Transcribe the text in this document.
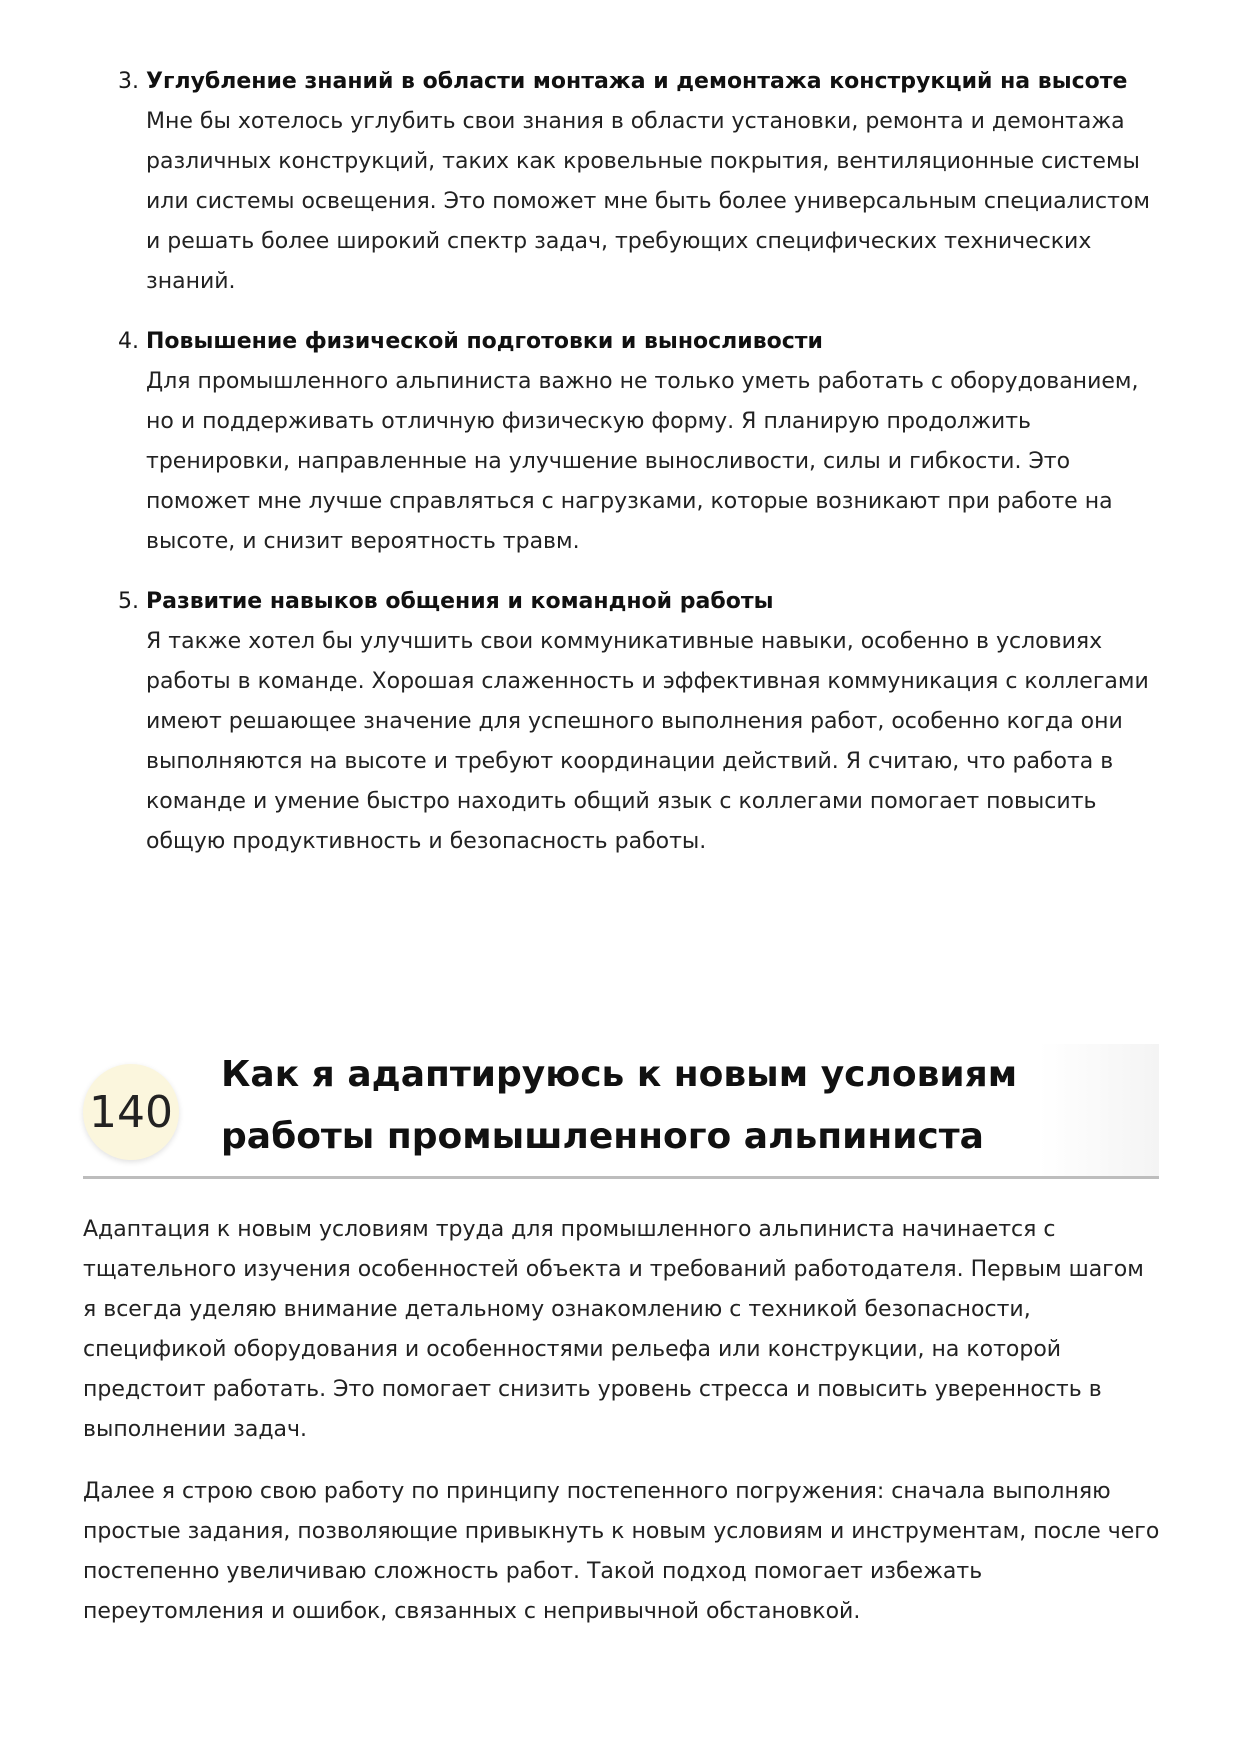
3. Углубление знаний в области монтажа и демонтажа конструкций на высоте
Мне бы хотелось углубить свои знания в области установки, ремонта и демонтажа различных конструкций, таких как кровельные покрытия, вентиляционные системы или системы освещения. Это поможет мне быть более универсальным специалистом и решать более широкий спектр задач, требующих специфических технических знаний.
4. Повышение физической подготовки и выносливости
Для промышленного альпиниста важно не только уметь работать с оборудованием, но и поддерживать отличную физическую форму. Я планирую продолжить тренировки, направленные на улучшение выносливости, силы и гибкости. Это поможет мне лучше справляться с нагрузками, которые возникают при работе на высоте, и снизит вероятность травм.
5. Развитие навыков общения и командной работы
Я также хотел бы улучшить свои коммуникативные навыки, особенно в условиях работы в команде. Хорошая слаженность и эффективная коммуникация с коллегами имеют решающее значение для успешного выполнения работ, особенно когда они выполняются на высоте и требуют координации действий. Я считаю, что работа в команде и умение быстро находить общий язык с коллегами помогает повысить общую продуктивность и безопасность работы.
140
Как я адаптируюсь к новым условиям работы промышленного альпиниста

Адаптация к новым условиям труда для промышленного альпиниста начинается с тщательного изучения особенностей объекта и требований работодателя. Первым шагом я всегда уделяю внимание детальному ознакомлению с техникой безопасности, спецификой оборудования и особенностями рельефа или конструкции, на которой предстоит работать. Это помогает снизить уровень стресса и повысить уверенность в выполнении задач.

Далее я строю свою работу по принципу постепенного погружения: сначала выполняю простые задания, позволяющие привыкнуть к новым условиям и инструментам, после чего постепенно увеличиваю сложность работ. Такой подход помогает избежать переутомления и ошибок, связанных с непривычной обстановкой.
